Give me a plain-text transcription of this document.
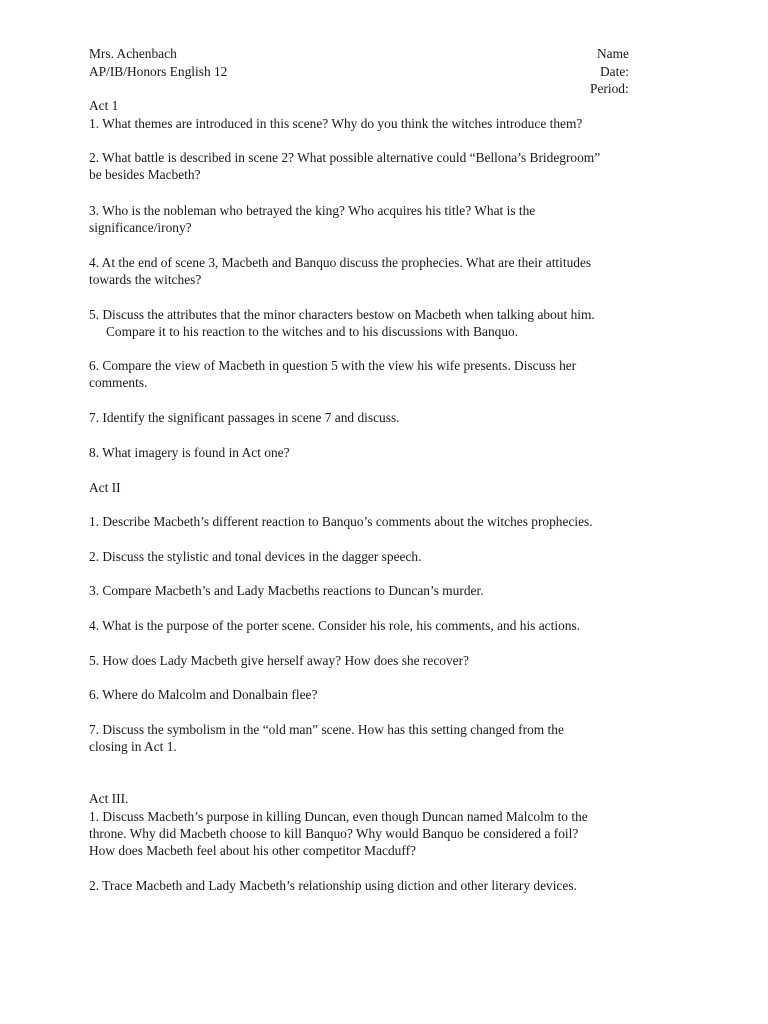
Mrs. Achenbach
AP/IB/Honors English 12
Name
Date:
Period:
Act 1
1. What themes are introduced in this scene? Why do you think the witches introduce them?
2. What battle is described in scene 2? What possible alternative could “Bellona’s Bridegroom”
be besides Macbeth?
3. Who is the nobleman who betrayed the king? Who acquires his title? What is the
significance/irony?
4. At the end of scene 3, Macbeth and Banquo discuss the prophecies. What are their attitudes
towards the witches?
5. Discuss the attributes that the minor characters bestow on Macbeth when talking about him.
Compare it to his reaction to the witches and to his discussions with Banquo.
6. Compare the view of Macbeth in question 5 with the view his wife presents. Discuss her
comments.
7. Identify the significant passages in scene 7 and discuss.
8. What imagery is found in Act one?
Act II
1. Describe Macbeth’s different reaction to Banquo’s comments about the witches prophecies.
2. Discuss the stylistic and tonal devices in the dagger speech.
3. Compare Macbeth’s and Lady Macbeths reactions to Duncan’s murder.
4. What is the purpose of the porter scene. Consider his role, his comments, and his actions.
5. How does Lady Macbeth give herself away? How does she recover?
6. Where do Malcolm and Donalbain flee?
7. Discuss the symbolism in the “old man” scene. How has this setting changed from the
closing in Act 1.
Act III.
1. Discuss Macbeth’s purpose in killing Duncan, even though Duncan named Malcolm to the
throne. Why did Macbeth choose to kill Banquo? Why would Banquo be considered a foil?
How does Macbeth feel about his other competitor Macduff?
2. Trace Macbeth and Lady Macbeth’s relationship using diction and other literary devices.
